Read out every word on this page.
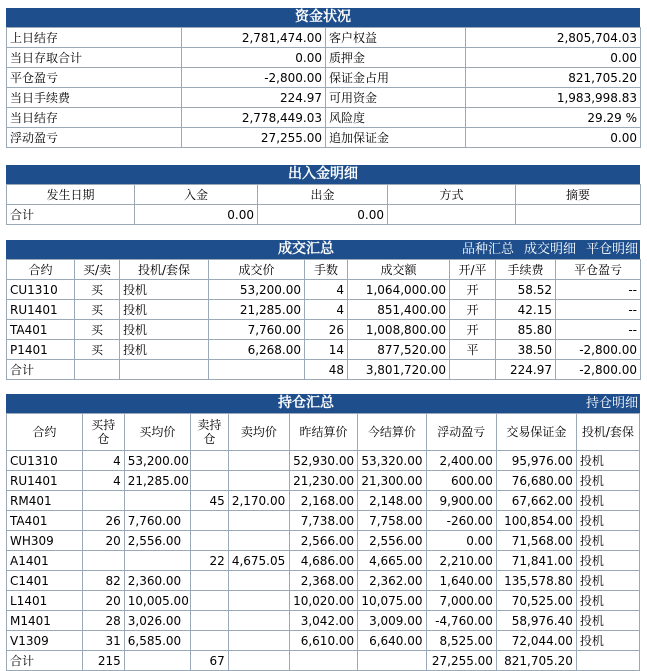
资金状况
上日结存	2,781,474.00	客户权益	2,805,704.03
当日存取合计	0.00	质押金	0.00
平仓盈亏	-2,800.00	保证金占用	821,705.20
当日手续费	224.97	可用资金	1,983,998.83
当日结存	2,778,449.03	风险度	29.29 %
浮动盈亏	27,255.00	追加保证金	0.00
出入金明细
发生日期	入金	出金	方式	摘要
合计	0.00	0.00		
成交汇总	品种汇总 成交明细 平仓明细
合约	买/卖	投机/套保	成交价	手数	成交额	开/平	手续费	平仓盈亏
CU1310	买	投机	53,200.00	4	1,064,000.00	开	58.52	--
RU1401	买	投机	21,285.00	4	851,400.00	开	42.15	--
TA401	买	投机	7,760.00	26	1,008,800.00	开	85.80	--
P1401	买	投机	6,268.00	14	877,520.00	平	38.50	-2,800.00
合计				48	3,801,720.00		224.97	-2,800.00
持仓汇总	持仓明细
合约	买持仓	买均价	卖持仓	卖均价	昨结算价	今结算价	浮动盈亏	交易保证金	投机/套保
CU1310	4	53,200.00			52,930.00	53,320.00	2,400.00	95,976.00	投机
RU1401	4	21,285.00			21,230.00	21,300.00	600.00	76,680.00	投机
RM401			45	2,170.00	2,168.00	2,148.00	9,900.00	67,662.00	投机
TA401	26	7,760.00			7,738.00	7,758.00	-260.00	100,854.00	投机
WH309	20	2,556.00			2,566.00	2,556.00	0.00	71,568.00	投机
A1401			22	4,675.05	4,686.00	4,665.00	2,210.00	71,841.00	投机
C1401	82	2,360.00			2,368.00	2,362.00	1,640.00	135,578.80	投机
L1401	20	10,005.00			10,020.00	10,075.00	7,000.00	70,525.00	投机
M1401	28	3,026.00			3,042.00	3,009.00	-4,760.00	58,976.40	投机
V1309	31	6,585.00			6,610.00	6,640.00	8,525.00	72,044.00	投机
合计	215		67				27,255.00	821,705.20	
